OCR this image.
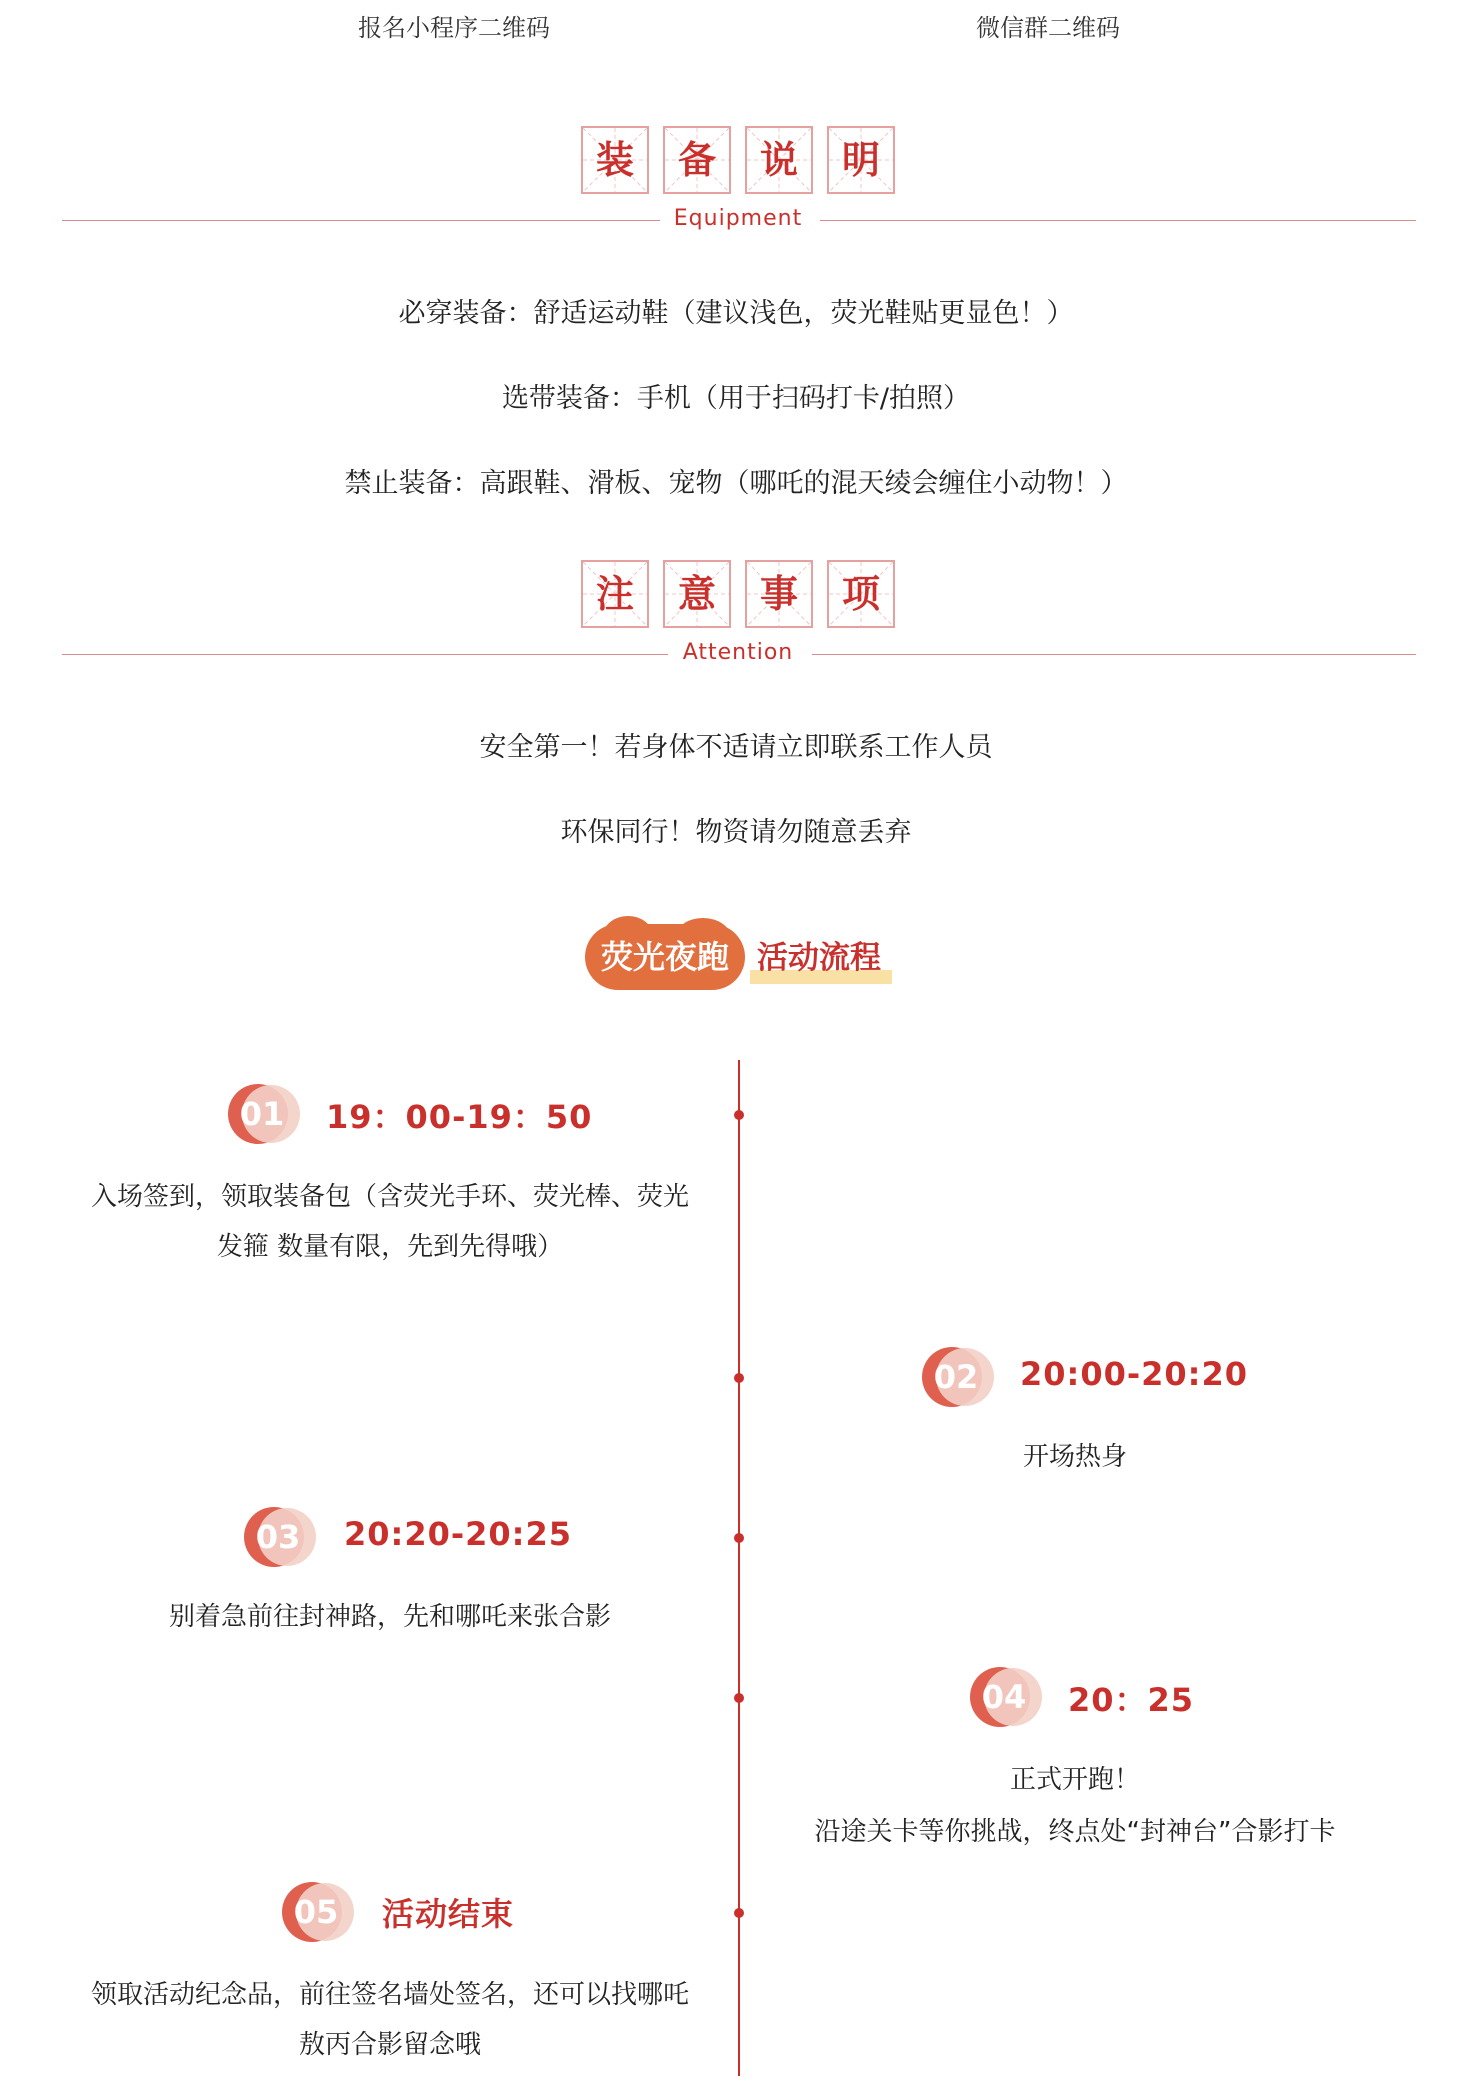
报名小程序二维码	微信群二维码
装
	备
	说
	明
Equipment
必穿装备：舒适运动鞋（建议浅色，荧光鞋贴更显色！）
选带装备：手机（用于扫码打卡/拍照）
禁止装备：高跟鞋、滑板、宠物（哪吒的混天绫会缠住小动物！）
注
	意
	事
	项
Attention
安全第一！若身体不适请立即联系工作人员
环保同行！物资请勿随意丢弃
荧光夜跑 活动流程
01 19：00-19：50
入场签到，领取装备包（含荧光手环、荧光棒、荧光
发箍 数量有限，先到先得哦）
02 20:00-20:20
开场热身
03 20:20-20:25
别着急前往封神路，先和哪吒来张合影
04 20：25
正式开跑！
沿途关卡等你挑战，终点处“封神台”合影打卡
05 活动结束
领取活动纪念品，前往签名墙处签名，还可以找哪吒
敖丙合影留念哦
